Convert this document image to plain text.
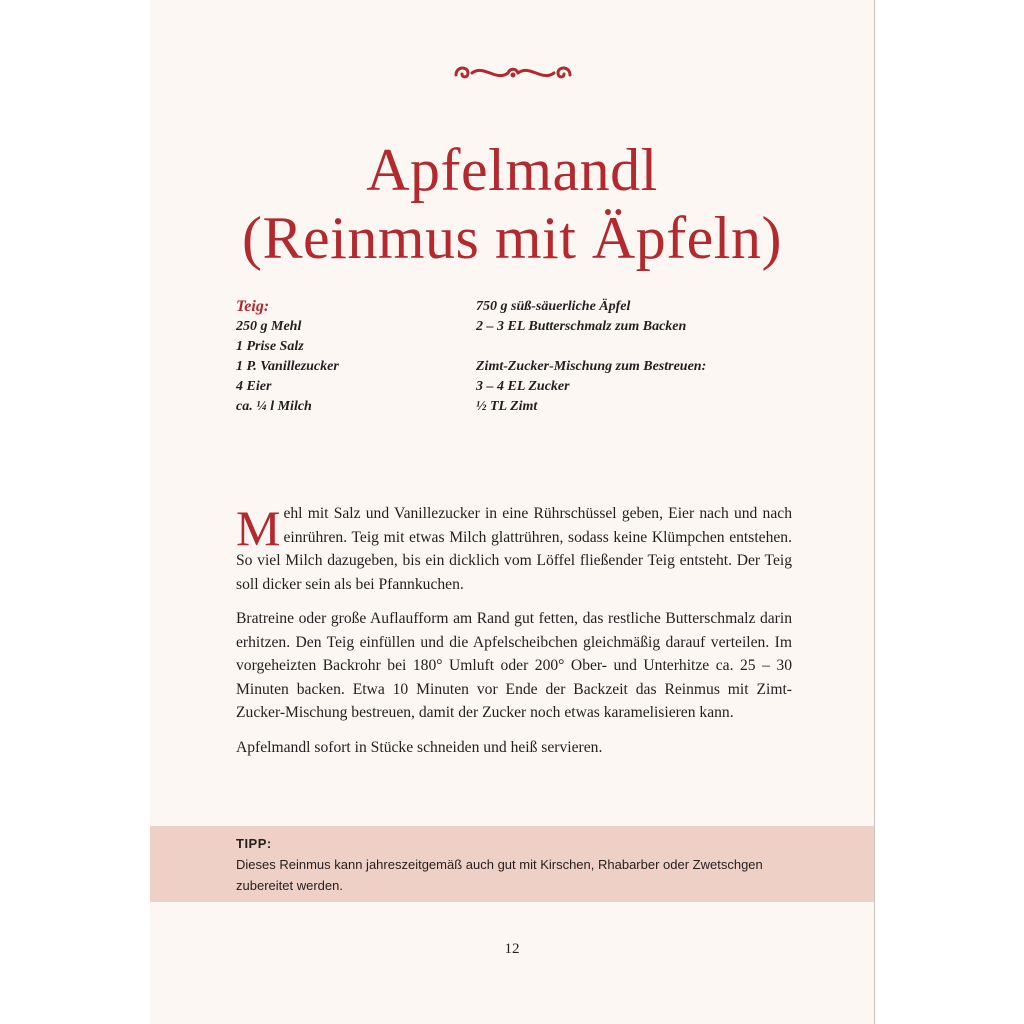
Apfelmandl
(Reinmus mit Äpfeln)
Teig:
250 g Mehl
1 Prise Salz
1 P. Vanillezucker
4 Eier
ca. ¼ l Milch
750 g süß-säuerliche Äpfel
2 – 3 EL Butterschmalz zum Backen
Zimt-Zucker-Mischung zum Bestreuen:
3 – 4 EL Zucker
½ TL Zimt

Mehl mit Salz und Vanillezucker in eine Rührschüssel geben, Eier nach und nach einrühren. Teig mit etwas Milch glattrühren, sodass keine Klümpchen entstehen. So viel Milch dazugeben, bis ein dicklich vom Löffel fließender Teig entsteht. Der Teig soll dicker sein als bei Pfannkuchen.

Bratreine oder große Auflaufform am Rand gut fetten, das restliche Butterschmalz darin erhitzen. Den Teig einfüllen und die Apfelscheibchen gleichmäßig darauf verteilen. Im vorgeheizten Backrohr bei 180° Umluft oder 200° Ober- und Unterhitze ca. 25 – 30 Minuten backen. Etwa 10 Minuten vor Ende der Backzeit das Reinmus mit Zimt-Zucker-Mischung bestreuen, damit der Zucker noch etwas karamelisieren kann.

Apfelmandl sofort in Stücke schneiden und heiß servieren.

TIPP:
Dieses Reinmus kann jahreszeitgemäß auch gut mit Kirschen, Rhabarber oder Zwetschgen zubereitet werden.
12
